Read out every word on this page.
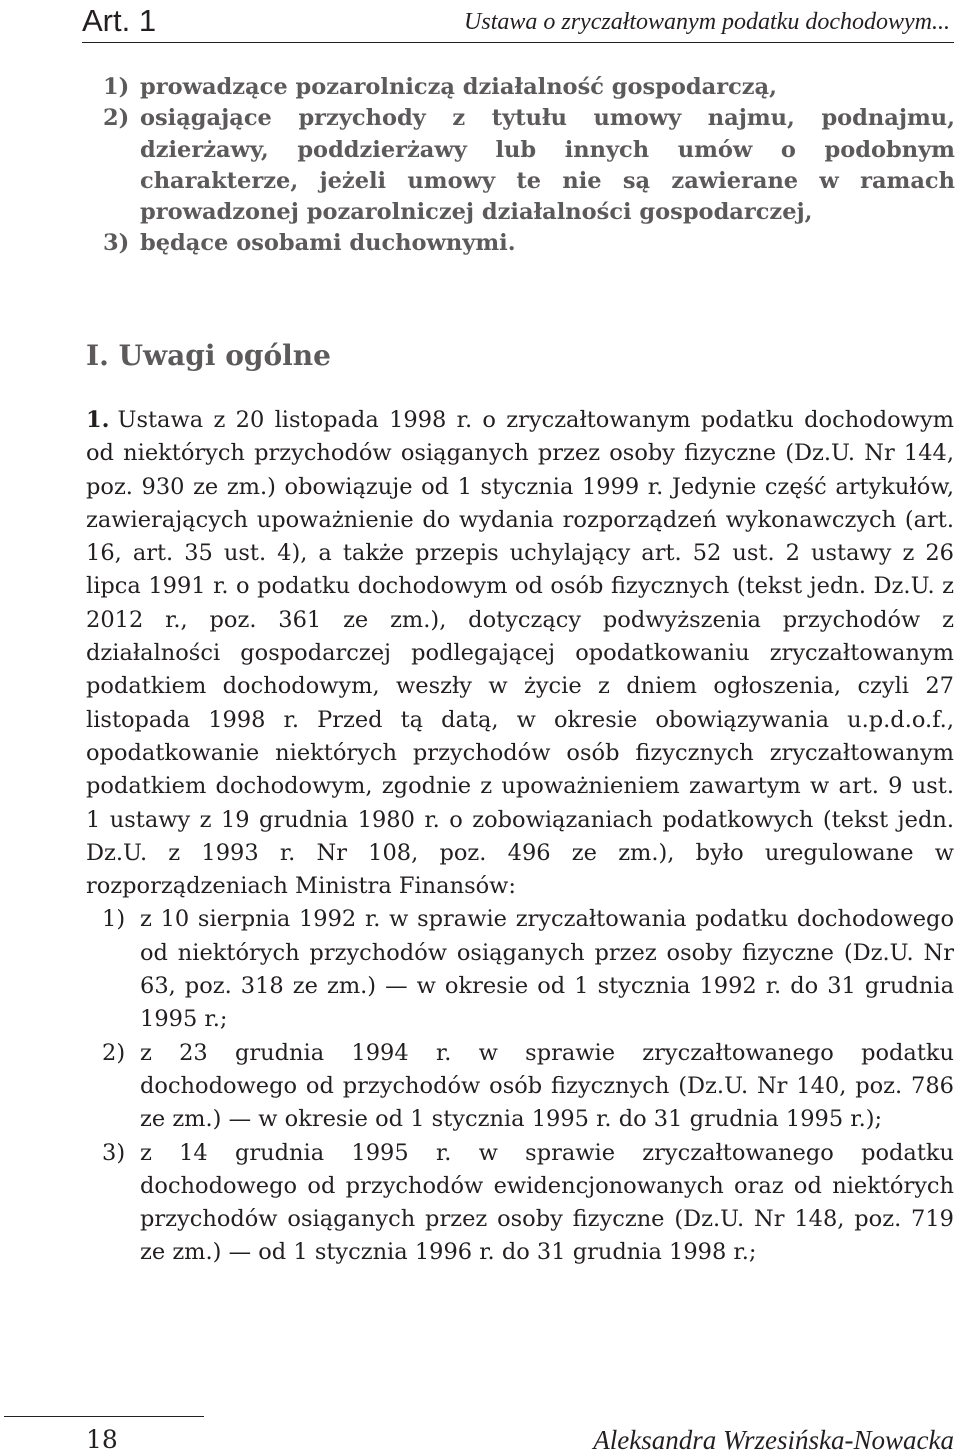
Art. 1	Ustawa o zryczałtowanym podatku dochodowym...
1) prowadzące pozarolniczą działalność gospodarczą,
2) osiągające przychody z tytułu umowy najmu, podnajmu, dzierżawy, poddzierżawy lub innych umów o podobnym charakterze, jeżeli umowy te nie są zawierane w ramach prowadzonej pozarolniczej działalności gospodarczej,
3) będące osobami duchownymi.
I. Uwagi ogólne

1. Ustawa z 20 listopada 1998 r. o zryczałtowanym podatku dochodowym od niektórych przychodów osiąganych przez osoby fizyczne (Dz.U. Nr 144, poz. 930 ze zm.) obowiązuje od 1 stycznia 1999 r. Jedynie część artykułów, zawierających upoważnienie do wydania rozporządzeń wykonawczych (art. 16, art. 35 ust. 4), a także przepis uchylający art. 52 ust. 2 ustawy z 26 lipca 1991 r. o podatku dochodowym od osób fizycznych (tekst jedn. Dz.U. z 2012 r., poz. 361 ze zm.), dotyczący podwyższenia przychodów z działalności gospodarczej podlegającej opodatkowaniu zryczałtowanym podatkiem dochodowym, weszły w życie z dniem ogłoszenia, czyli 27 listopada 1998 r. Przed tą datą, w okresie obowiązywania u.p.d.o.f., opodatkowanie niektórych przychodów osób fizycznych zryczałtowanym podatkiem dochodowym, zgodnie z upoważnieniem zawartym w art. 9 ust. 1 ustawy z 19 grudnia 1980 r. o zobowiązaniach podatkowych (tekst jedn. Dz.U. z 1993 r. Nr 108, poz. 496 ze zm.), było uregulowane w rozporządzeniach Ministra Finansów:

1) z 10 sierpnia 1992 r. w sprawie zryczałtowania podatku dochodowego od niektórych przychodów osiąganych przez osoby fizyczne (Dz.U. Nr 63, poz. 318 ze zm.) — w okresie od 1 stycznia 1992 r. do 31 grudnia 1995 r.;
2) z 23 grudnia 1994 r. w sprawie zryczałtowanego podatku dochodowego od przychodów osób fizycznych (Dz.U. Nr 140, poz. 786 ze zm.) — w okresie od 1 stycznia 1995 r. do 31 grudnia 1995 r.);
3) z 14 grudnia 1995 r. w sprawie zryczałtowanego podatku dochodowego od przychodów ewidencjonowanych oraz od niektórych przychodów osiąganych przez osoby fizyczne (Dz.U. Nr 148, poz. 719 ze zm.) — od 1 stycznia 1996 r. do 31 grudnia 1998 r.;
18	Aleksandra Wrzesińska-Nowacka
